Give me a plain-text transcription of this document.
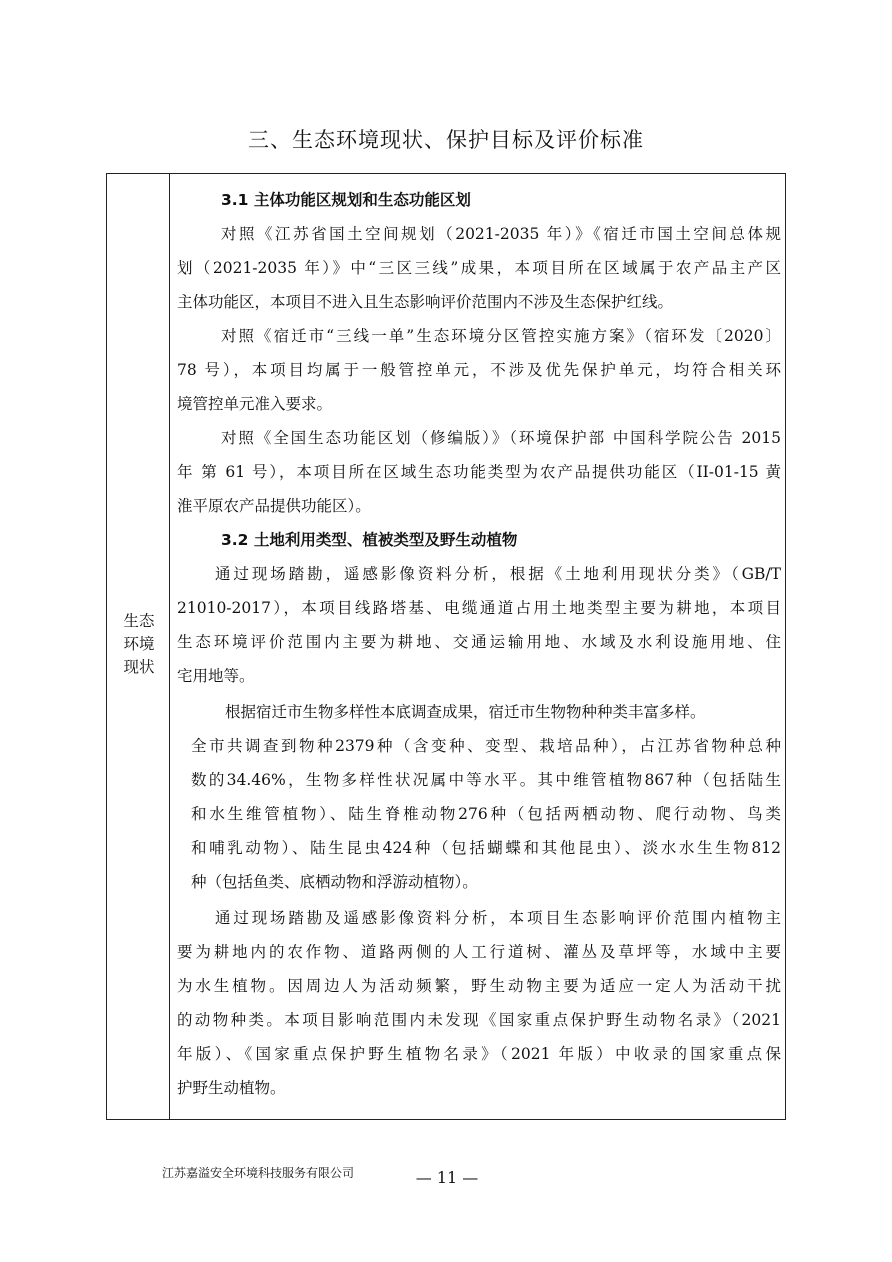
三、生态环境现状、保护目标及评价标准
生态
环境
现状
3.1 主体功能区规划和生态功能区划
对照《江苏省国土空间规划（2021-2035 年）》《宿迁市国土空间总体规
划（2021-2035 年）》中“三区三线”成果，本项目所在区域属于农产品主产区
主体功能区，本项目不进入且生态影响评价范围内不涉及生态保护红线。
对照《宿迁市“三线一单”生态环境分区管控实施方案》（宿环发〔2020〕
78 号），本项目均属于一般管控单元，不涉及优先保护单元，均符合相关环
境管控单元准入要求。
对照《全国生态功能区划（修编版）》（环境保护部 中国科学院公告 2015
年 第 61 号），本项目所在区域生态功能类型为农产品提供功能区（II-01-15 黄
淮平原农产品提供功能区）。
3.2 土地利用类型、植被类型及野生动植物
通过现场踏勘，遥感影像资料分析，根据《土地利用现状分类》（GB/T
21010-2017），本项目线路塔基、电缆通道占用土地类型主要为耕地，本项目
生态环境评价范围内主要为耕地、交通运输用地、水域及水利设施用地、住
宅用地等。
根据宿迁市生物多样性本底调查成果，宿迁市生物物种种类丰富多样。
全市共调查到物种2379种（含变种、变型、栽培品种），占江苏省物种总种
数的34.46%，生物多样性状况属中等水平。其中维管植物867种（包括陆生
和水生维管植物）、陆生脊椎动物276种（包括两栖动物、爬行动物、鸟类
和哺乳动物）、陆生昆虫424种（包括蝴蝶和其他昆虫）、淡水水生生物812
种（包括鱼类、底栖动物和浮游动植物）。
通过现场踏勘及遥感影像资料分析，本项目生态影响评价范围内植物主
要为耕地内的农作物、道路两侧的人工行道树、灌丛及草坪等，水域中主要
为水生植物。因周边人为活动频繁，野生动物主要为适应一定人为活动干扰
的动物种类。本项目影响范围内未发现《国家重点保护野生动物名录》（2021
年版）、《国家重点保护野生植物名录》（2021 年版）中收录的国家重点保
护野生动植物。
江苏嘉溢安全环境科技服务有限公司	— 11 —
